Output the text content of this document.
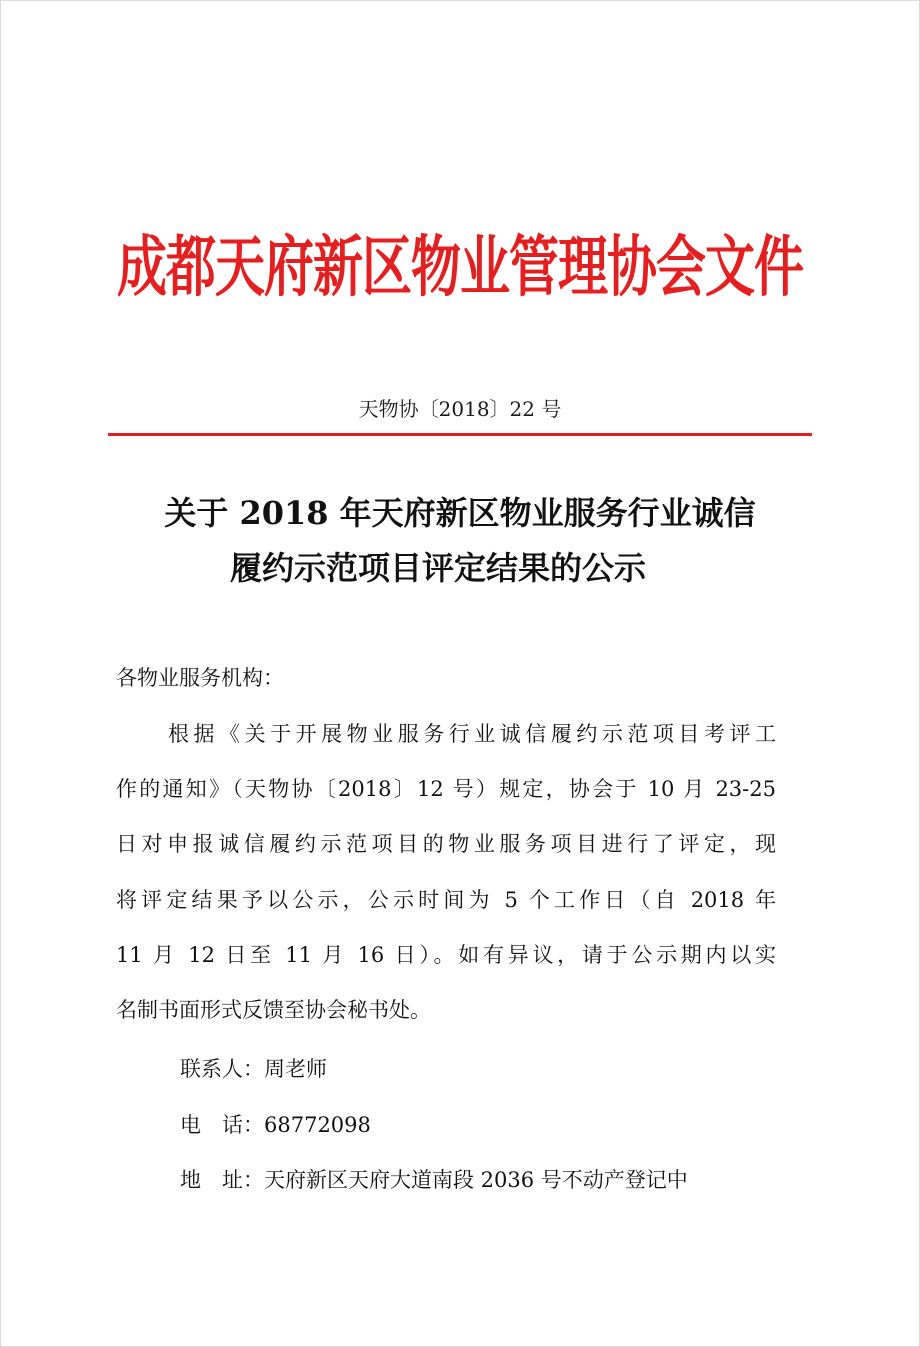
成都天府新区物业管理协会文件
天物协〔2018〕22 号
关于 2018 年天府新区物业服务行业诚信
履约示范项目评定结果的公示
各物业服务机构：
根据《关于开展物业服务行业诚信履约示范项目考评工
作的通知》（天物协〔2018〕12 号）规定，协会于 10 月 23-25
日对申报诚信履约示范项目的物业服务项目进行了评定，现
将评定结果予以公示，公示时间为 5 个工作日（自 2018 年
11 月 12 日至 11 月 16 日）。如有异议，请于公示期内以实
名制书面形式反馈至协会秘书处。
联系人：周老师
电　话：68772098
地　址：天府新区天府大道南段 2036 号不动产登记中
